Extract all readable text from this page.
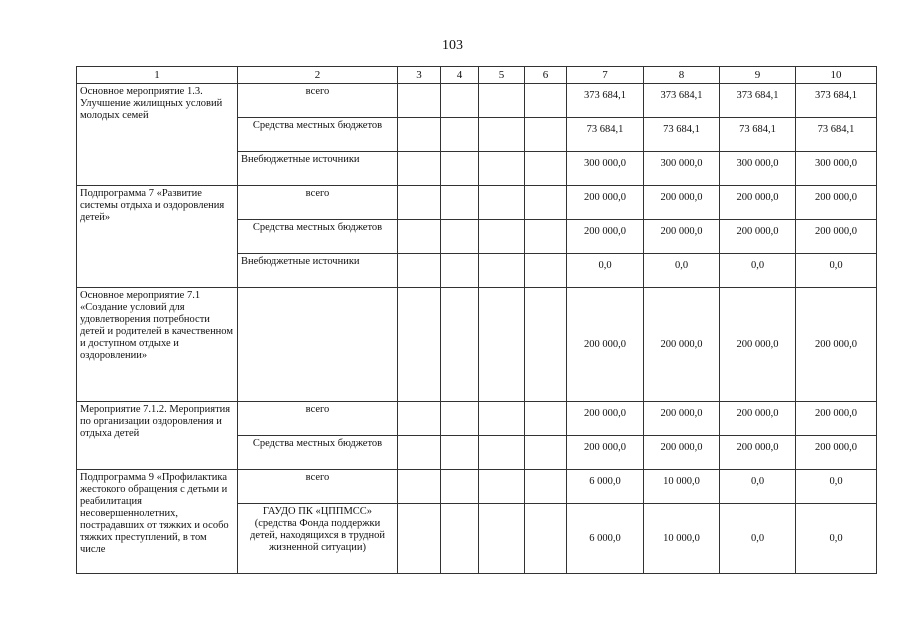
103
1	2	3	4	5	6	7	8	9	10
Основное мероприятие 1.3. Улучшение жилищных условий молодых семей	всего					373 684,1	373 684,1	373 684,1	373 684,1
	Средства местных бюджетов					73 684,1	73 684,1	73 684,1	73 684,1
	Внебюджетные источники					300 000,0	300 000,0	300 000,0	300 000,0
Подпрограмма 7 «Развитие системы отдыха и оздоровления детей»	всего					200 000,0	200 000,0	200 000,0	200 000,0
	Средства местных бюджетов					200 000,0	200 000,0	200 000,0	200 000,0
	Внебюджетные источники					0,0	0,0	0,0	0,0
Основное мероприятие 7.1 «Создание условий для удовлетворения потребности детей и родителей в качественном и доступном отдыхе и оздоровлении»						200 000,0	200 000,0	200 000,0	200 000,0
Мероприятие 7.1.2. Мероприятия по организации оздоровления и отдыха детей	всего					200 000,0	200 000,0	200 000,0	200 000,0
	Средства местных бюджетов					200 000,0	200 000,0	200 000,0	200 000,0
Подпрограмма 9 «Профилактика жестокого обращения с детьми и реабилитация несовершеннолетних, пострадавших от тяжких и особо тяжких преступлений, в том числе	всего					6 000,0	10 000,0	0,0	0,0
	ГАУДО ПК «ЦППМСС» (средства Фонда поддержки детей, находящихся в трудной жизненной ситуации)					6 000,0	10 000,0	0,0	0,0
